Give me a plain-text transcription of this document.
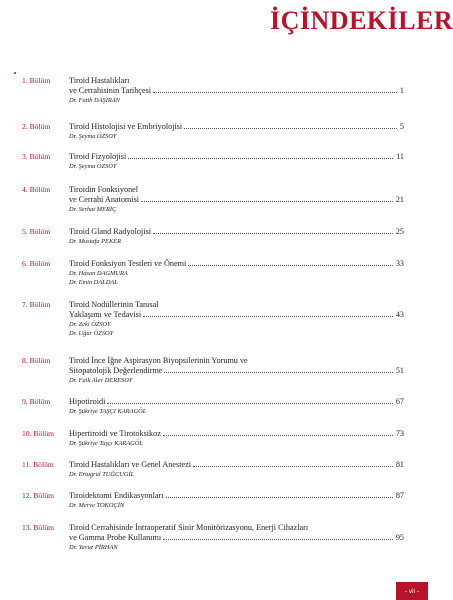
İÇİNDEKİLER
1. Bölüm	Tiroid Hastalıkları
ve Cerrahisinin Tarihçesi	1
Dr. Fatih DAŞIRAN
2. Bölüm	Tiroid Histolojisi ve Embriyolojisi	5
Dr. Şeyma ÖZSOY
3. Bölüm	Tiroid Fizyolojisi	11
Dr. Şeyma ÖZSOY
4. Bölüm	Tiroidin Fonksiyonel
ve Cerrahi Anatomisi	21
Dr. Serhat MERİÇ
5. Bölüm	Tiroid Gland Radyolojisi	25
Dr. Mustafa PEKER
6. Bölüm	Tiroid Fonksiyon Testleri ve Önemi	33
Dr. Hasan DAGMURA
Dr. Emin DALDAL
7. Bölüm	Tiroid Nodüllerinin Tanısal
Yaklaşımı ve Tedavisi	43
Dr. Zeki ÖZSOY
Dr. Uğur ÖZSOY
8. Bölüm	Tiroid İnce İğne Aspirasyon Biyopsilerinin Yorumu ve
Sitopatolojik Değerlendirme	51
Dr. Faik Alev DERESOY
9. Bölüm	Hipotiroidi	67
Dr. Şükriye TAŞÇI KARAGÖL
10. Bölüm	Hipertiroidi ve Tirotoksikoz	73
Dr. Şükriye Taşçı KARAGÖL
11. Bölüm	Tiroid Hastalıkları ve Genel Anestezi	81
Dr. Ertugrul TUĞCUGİL
12. Bölüm	Tiroidektomi Endikasyonları	87
Dr. Merve TOKOÇİN
13. Bölüm	Tiroid Cerrahisinde İntraoperatif Sinir Monitörizasyonu, Enerji Cihazları
ve Gamma Probe Kullanımı	95
Dr. Yavuz PİRHAN
- vii -
